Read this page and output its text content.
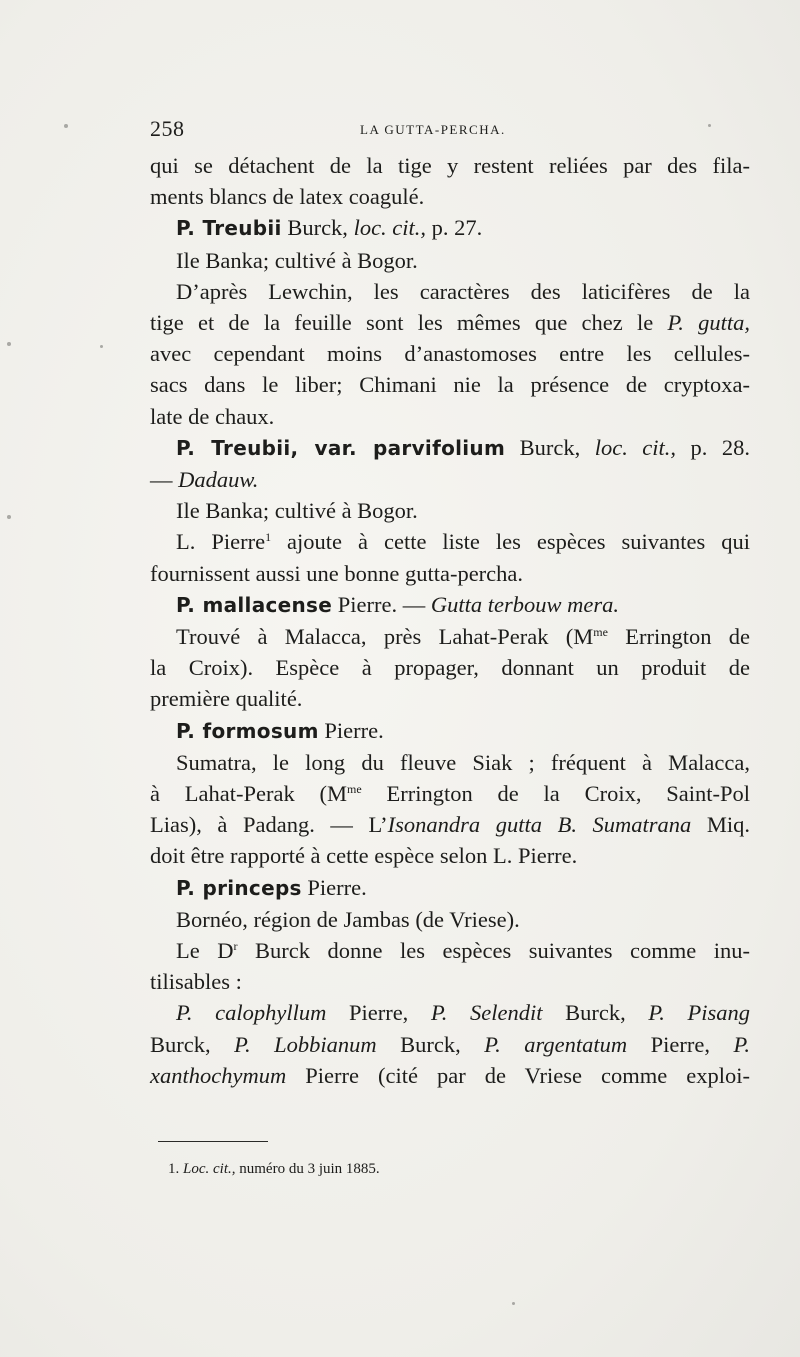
258	LA GUTTA-PERCHA.
qui se détachent de la tige y restent reliées par des fila-
ments blancs de latex coagulé.
P. Treubii Burck, loc. cit., p. 27.
Ile Banka; cultivé à Bogor.
D’après Lewchin, les caractères des laticifères de la
tige et de la feuille sont les mêmes que chez le P. gutta,
avec cependant moins d’anastomoses entre les cellules-
sacs dans le liber; Chimani nie la présence de cryptoxa-
late de chaux.
P. Treubii, var. parvifolium Burck, loc. cit., p. 28.
— Dadauw.
Ile Banka; cultivé à Bogor.
L. Pierre$^1$ ajoute à cette liste les espèces suivantes qui
fournissent aussi une bonne gutta-percha.
P. mallacense Pierre. — Gutta terbouw mera.
Trouvé à Malacca, près Lahat-Perak ($M^{me}$ Errington de
la Croix). Espèce à propager, donnant un produit de
première qualité.
P. formosum Pierre.
Sumatra, le long du fleuve Siak ; fréquent à Malacca,
à Lahat-Perak ($M^{me}$ Errington de la Croix, Saint-Pol
Lias), à Padang. — L’Isonandra gutta B. Sumatrana Miq.
doit être rapporté à cette espèce selon L. Pierre.
P. princeps Pierre.
Bornéo, région de Jambas (de Vriese).
Le $D^r$ Burck donne les espèces suivantes comme inu-
tilisables :
P. calophyllum Pierre, P. Selendit Burck, P. Pisang
Burck, P. Lobbianum Burck, P. argentatum Pierre, P.
xanthochymum Pierre (cité par de Vriese comme exploi-
1. Loc. cit., numéro du 3 juin 1885.
